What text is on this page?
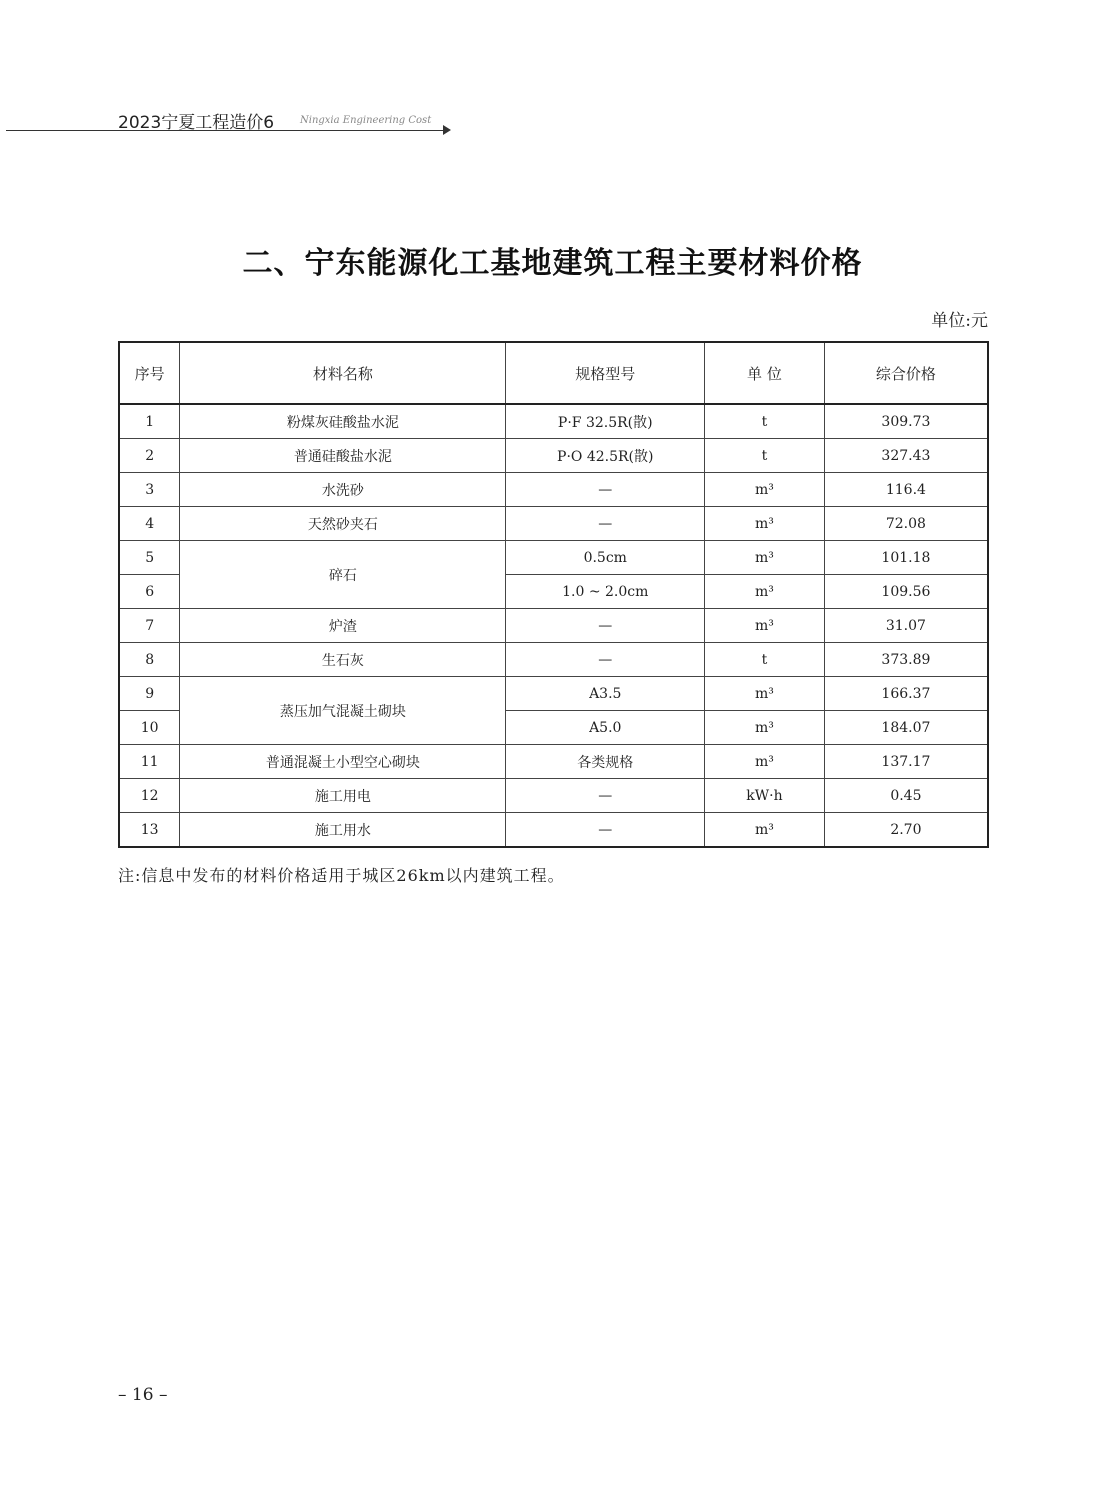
2023宁夏工程造价6	Ningxia Engineering Cost
二、宁东能源化工基地建筑工程主要材料价格
单位:元
序号	材料名称	规格型号	单 位	综合价格
1	粉煤灰硅酸盐水泥	P·F 32.5R(散)	t	309.73
2	普通硅酸盐水泥	P·O 42.5R(散)	t	327.43
3	水洗砂	—	m³	116.4
4	天然砂夹石	—	m³	72.08
5	碎石	0.5cm	m³	101.18
6		1.0 ~ 2.0cm	m³	109.56
7	炉渣	—	m³	31.07
8	生石灰	—	t	373.89
9	蒸压加气混凝土砌块	A3.5	m³	166.37
10		A5.0	m³	184.07
11	普通混凝土小型空心砌块	各类规格	m³	137.17
12	施工用电	—	kW·h	0.45
13	施工用水	—	m³	2.70
注:信息中发布的材料价格适用于城区26km以内建筑工程。
– 16 –
